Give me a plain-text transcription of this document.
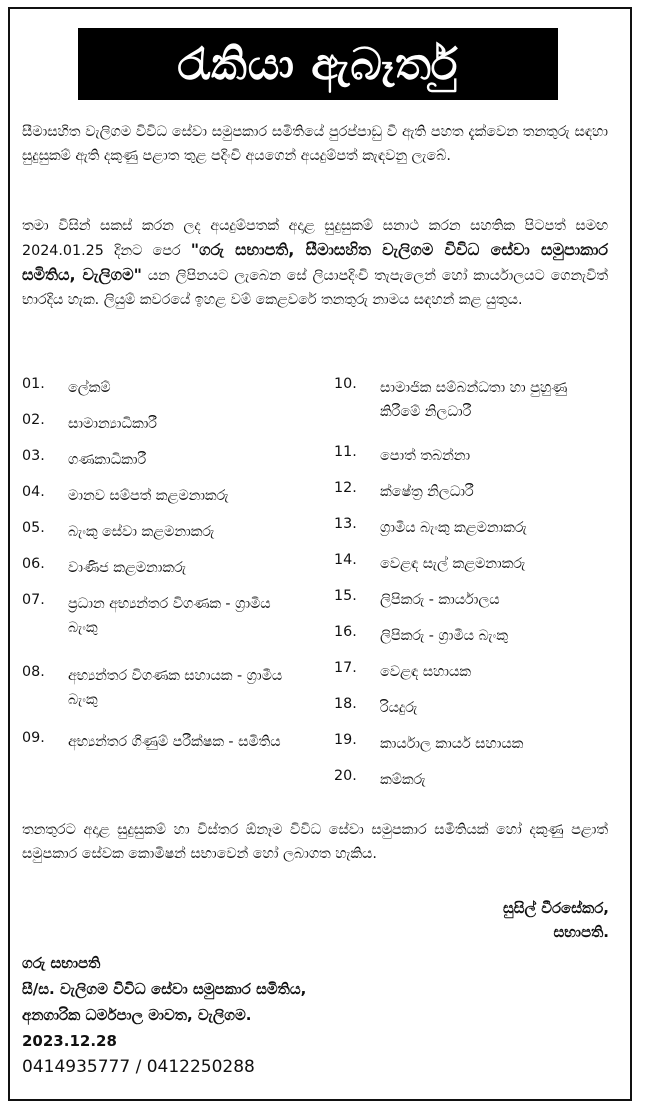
රැකියා ඇබෑර්තු

සීමාසහිත වැලිගම විවිධ සේවා සමුපකාර සමිතියේ පුරප්පාඩු වී ඇති පහත දැක්වෙන තනතුරු සඳහා සුදුසුකම් ඇති දකුණු පළාත තුළ පදිංචි අයගෙන් අයදුම්පත් කැඳවනු ලැබේ.

තමා විසින් සකස් කරන ලද අයදුම්පතක් අදාළ සුදුසුකම් සනාථ කරන සහතික පිටපත් සමඟ 2024.01.25 දිනට පෙර "ගරු සභාපති, සීමාසහිත වැලිගම විවිධ සේවා සමුපාකාර සමිතිය, වැලිගම" යන ලිපිනයට ලැබෙන සේ ලියාපදිංචි තැපැලෙන් හෝ කාර්යාලයට ගෙනැවිත් භාරදිය හැක. ලියුම් කවරයේ ඉහළ වම් කෙළවරේ තනතුරු නාමය සඳහන් කළ යුතුය.

01.	ලේකම්
02.	සාමාන්‍යාධිකාරී
03.	ගණකාධිකාරී
04.	මානව සම්පත් කළමනාකරු
05.	බැංකු සේවා කළමනාකරු
06.	වාණිජ කළමනාකරු
07.	ප්‍රධාන අභ්‍යන්තර විගණක - ග්‍රාමීය බැංකු
08.	අභ්‍යන්තර විගණක සහායක - ග්‍රාමීය බැංකු
09.	අභ්‍යන්තර ගිණුම් පරීක්ෂක - සමිතිය
10.	සාමාජික සම්බන්ධතා හා පුහුණු කිරීමේ නිලධාරී
11.	පොත් තබන්නා
12.	ක්ෂේත්‍ර නිලධාරී
13.	ග්‍රාමීය බැංකු කළමනාකරු
14.	වෙළඳ සැල් කළමනාකරු
15.	ලිපිකරු - කාර්යාලය
16.	ලිපිකරු - ග්‍රාමීය බැංකු
17.	වෙළඳ සහායක
18.	රියදුරු
19.	කාර්යාල කාර්ය සහායක
20.	කම්කරු

තනතුරට අදාළ සුදුසුකම් හා විස්තර ඕනෑම විවිධ සේවා සමුපකාර සමිතියක් හෝ දකුණු පළාත් සමුපකාර සේවක කොමිෂන් සභාවෙන් හෝ ලබාගත හැකිය.

සුසිල් වීරසේකර,
සභාපති.
ගරු සභාපති
සී/ස. වැලිගම විවිධ සේවා සමුපකාර සමිතිය,
අනගාරික ධර්මපාල මාවත, වැලිගම.
2023.12.28
0414935777 / 0412250288
